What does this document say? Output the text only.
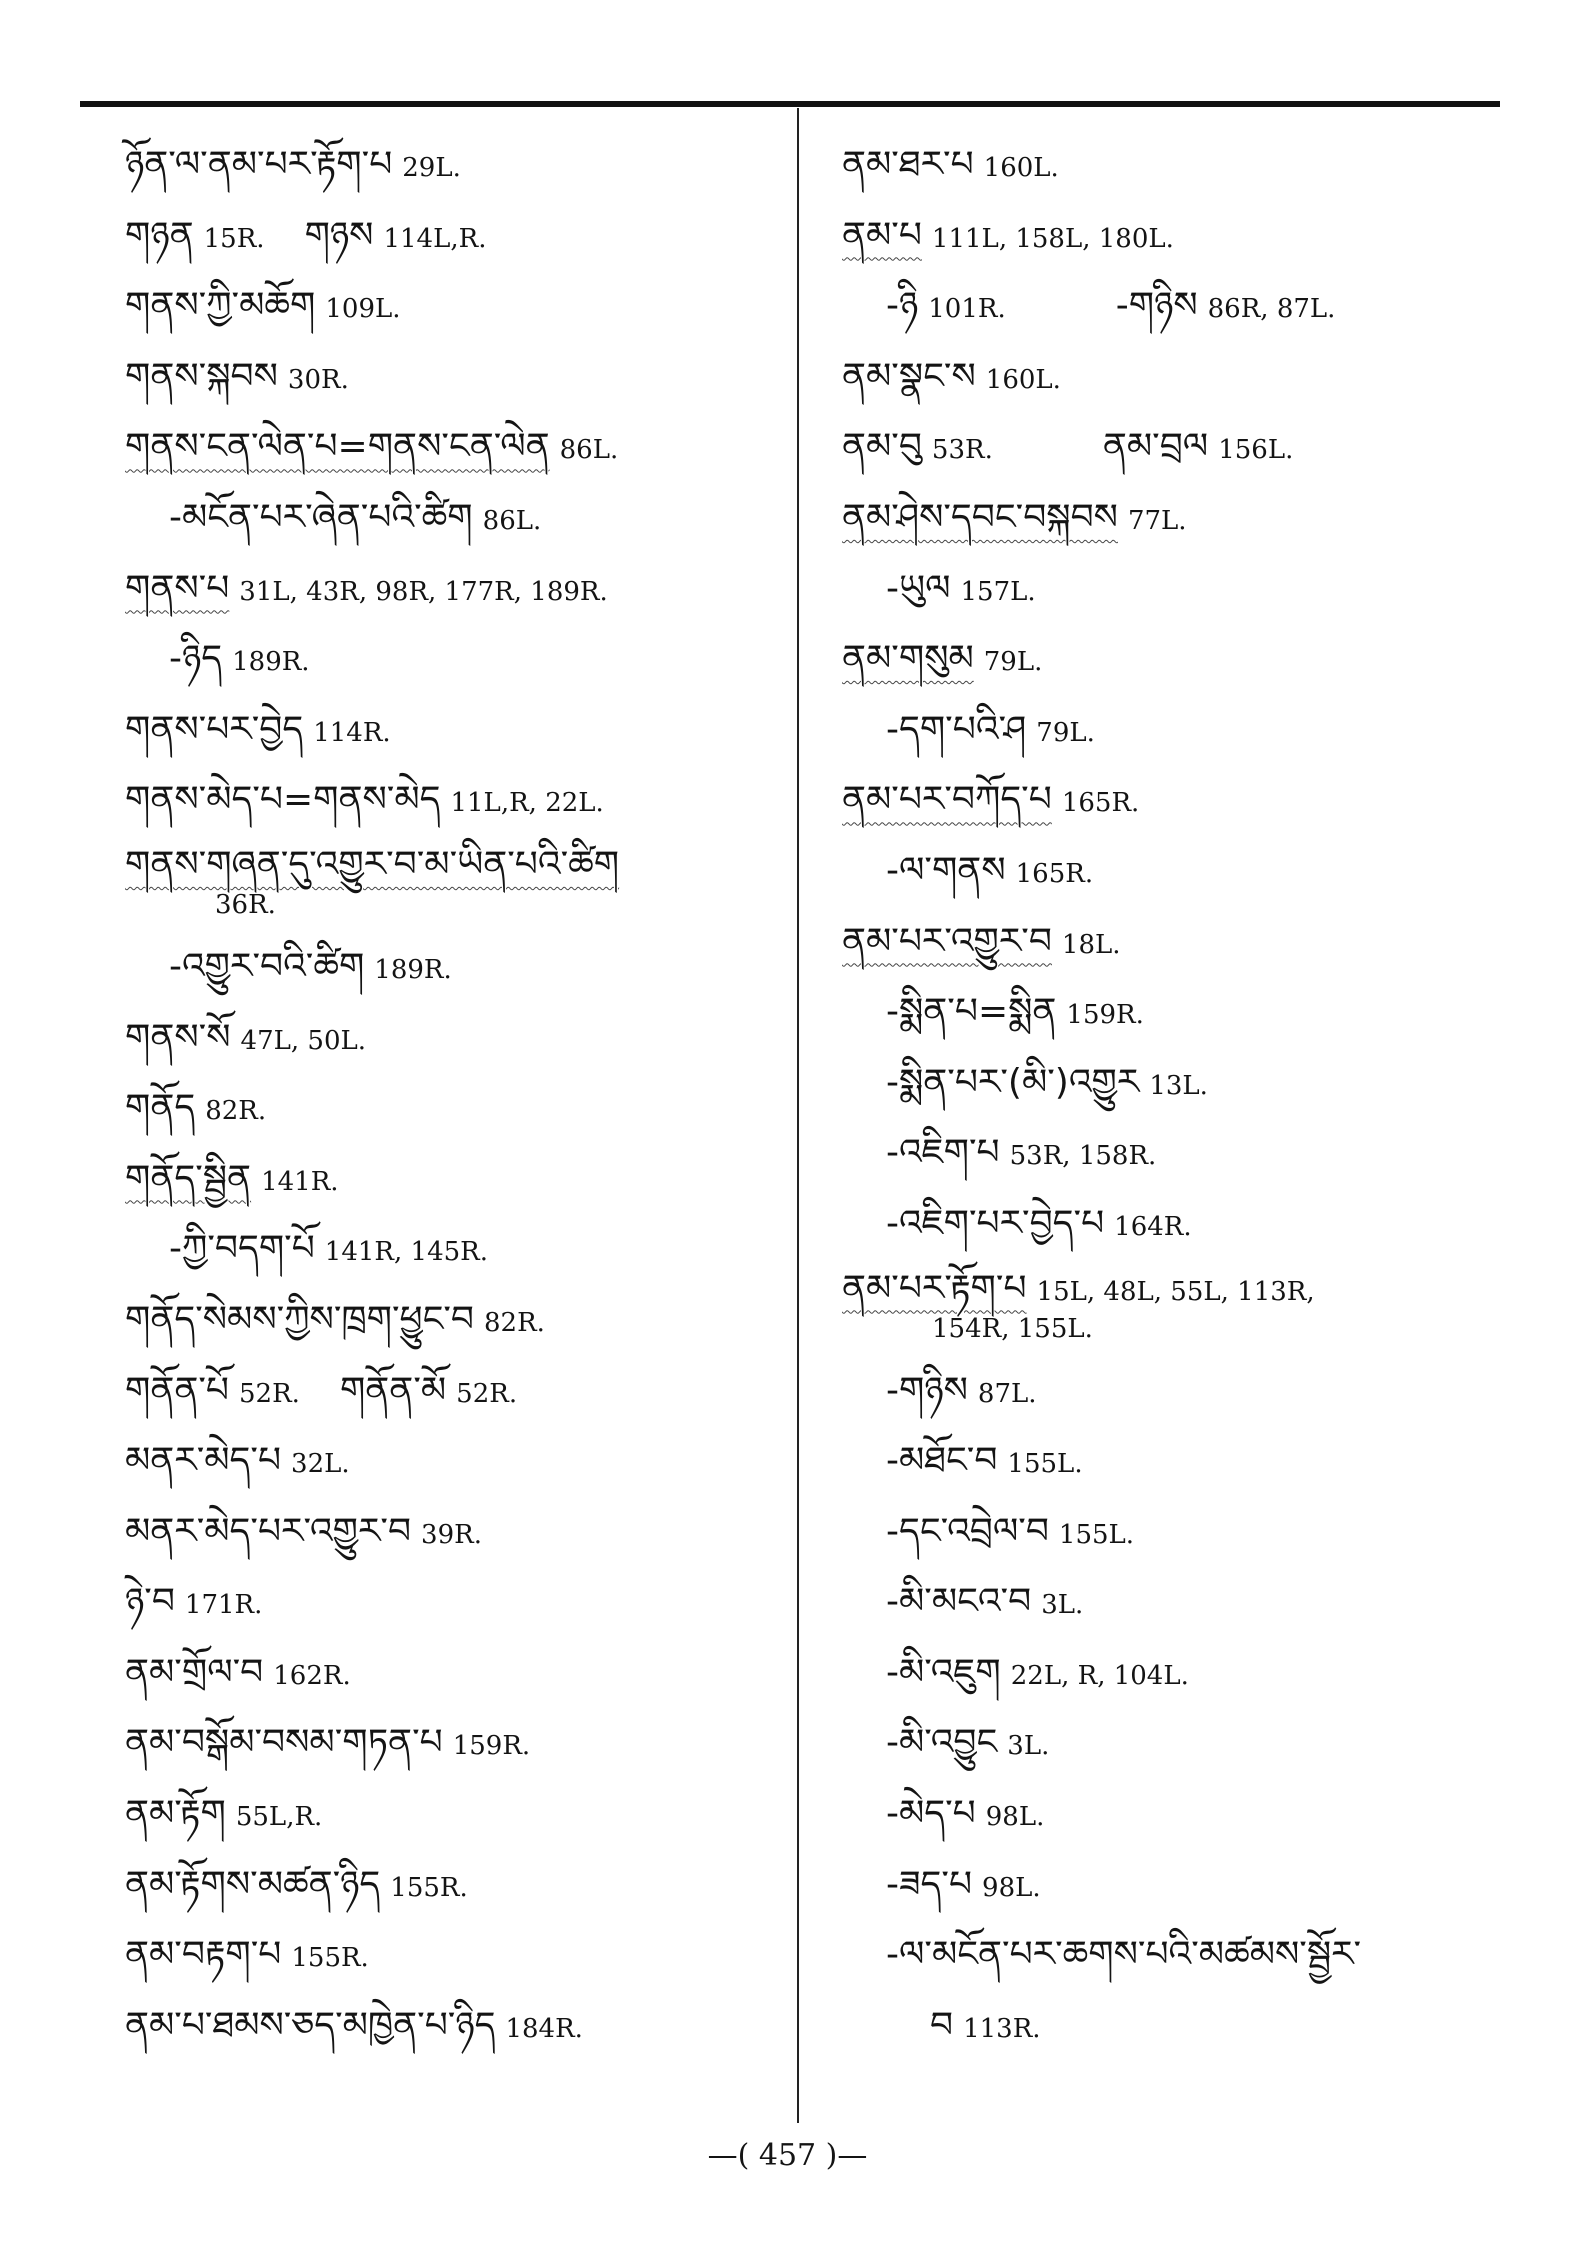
ཉོན་ལ་ནམ་པར་རྟོག་པ 29L.
གཉན 15R. གཉས 114L,R.
གནས་ཀྱི་མཆོག 109L.
གནས་སྐབས 30R.
གནས་ངན་ལེན་པ=གནས་ངན་ལེན 86L.
-མངོན་པར་ཞེན་པའི་ཚིག 86L.
གནས་པ 31L, 43R, 98R, 177R, 189R.
-ཉིད 189R.
གནས་པར་བྱེད 114R.
གནས་མེད་པ=གནས་མེད 11L,R, 22L.
གནས་གཞན་དུ་འགྱུར་བ་མ་ཡིན་པའི་ཚིག
36R.
-འགྱུར་བའི་ཚིག 189R.
གནས་སོ 47L, 50L.
གནོད 82R.
གནོད་སྦྱིན 141R.
-ཀྱི་བདག་པོ 141R, 145R.
གནོད་སེམས་ཀྱིས་ཁྲག་ཕྱུང་བ 82R.
གནོན་པོ 52R. གནོན་མོ 52R.
མནར་མེད་པ 32L.
མནར་མེད་པར་འགྱུར་བ 39R.
ཉེ་བ 171R.
ནམ་གྲོལ་བ 162R.
ནམ་བསྒོམ་བསམ་གཏན་པ 159R.
ནམ་རྟོག 55L,R.
ནམ་རྟོགས་མཚན་ཉིད 155R.
ནམ་བརྟག་པ 155R.
ནམ་པ་ཐམས་ཅད་མཁྱེན་པ་ཉིད 184R.
ནམ་ཐར་པ 160L.
ནམ་པ 111L, 158L, 180L.
-ཉི 101R.	-གཉིས 86R, 87L.
ནམ་སྣང་ས 160L.
ནམ་བུ 53R.	ནམ་བྲལ 156L.
ནམ་ཤེས་དབང་བསྐབས 77L.
-ཡུལ 157L.
ནམ་གསུམ 79L.
-དག་པའི་ཤ 79L.
ནམ་པར་བཀོད་པ 165R.
-ལ་གནས 165R.
ནམ་པར་འགྱུར་བ 18L.
-སྨིན་པ=སྨིན 159R.
-སྨིན་པར་(མི་)འགྱུར 13L.
-འཇིག་པ 53R, 158R.
-འཇིག་པར་བྱེད་པ 164R.
ནམ་པར་རྟོག་པ 15L, 48L, 55L, 113R,
154R, 155L.
-གཉིས 87L.
-མཐོང་བ 155L.
-དང་འབྲེལ་བ 155L.
-མི་མངའ་བ 3L.
-མི་འཇུག 22L, R, 104L.
-མི་འབྱུང 3L.
-མེད་པ 98L.
-ཟད་པ 98L.
-ལ་མངོན་པར་ཆགས་པའི་མཚམས་སྦྱོར་
བ 113R.
—( 457 )—
